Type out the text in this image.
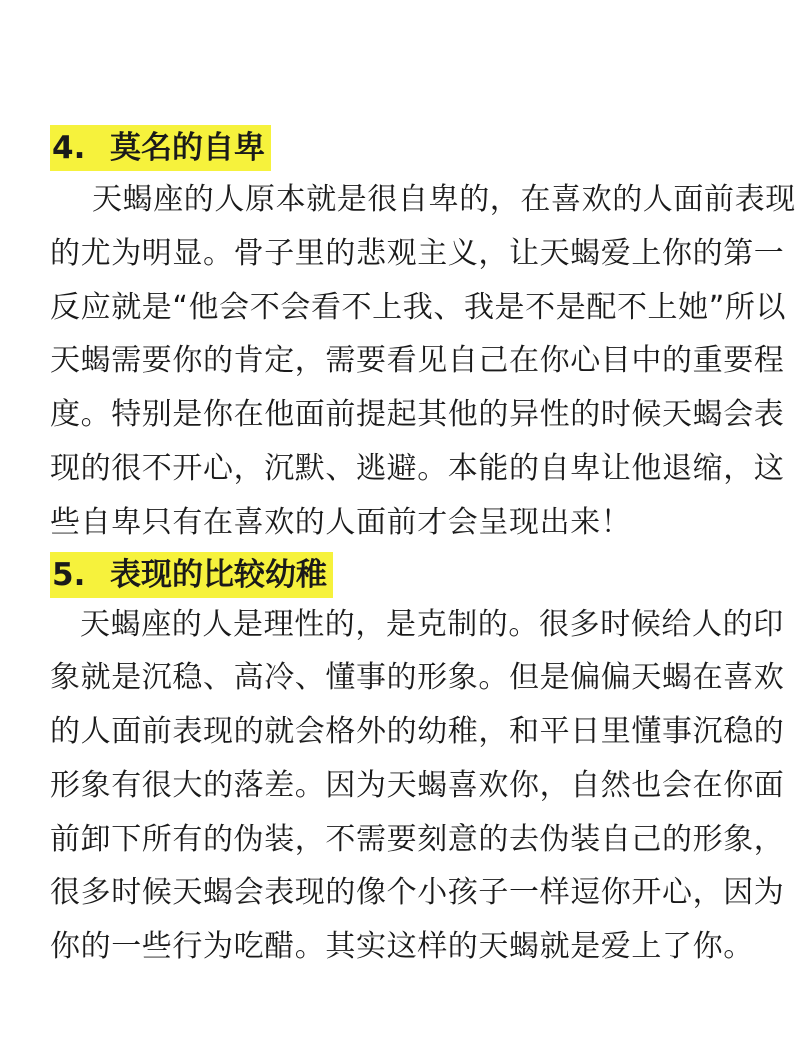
4. 莫名的自卑
天蝎座的人原本就是很自卑的，在喜欢的人面前表现
的尤为明显。骨子里的悲观主义，让天蝎爱上你的第一
反应就是“他会不会看不上我、我是不是配不上她”所以
天蝎需要你的肯定，需要看见自己在你心目中的重要程
度。特别是你在他面前提起其他的异性的时候天蝎会表
现的很不开心，沉默、逃避。本能的自卑让他退缩，这
些自卑只有在喜欢的人面前才会呈现出来！
5. 表现的比较幼稚
天蝎座的人是理性的，是克制的。很多时候给人的印
象就是沉稳、高冷、懂事的形象。但是偏偏天蝎在喜欢
的人面前表现的就会格外的幼稚，和平日里懂事沉稳的
形象有很大的落差。因为天蝎喜欢你，自然也会在你面
前卸下所有的伪装，不需要刻意的去伪装自己的形象，
很多时候天蝎会表现的像个小孩子一样逗你开心，因为
你的一些行为吃醋。其实这样的天蝎就是爱上了你。
